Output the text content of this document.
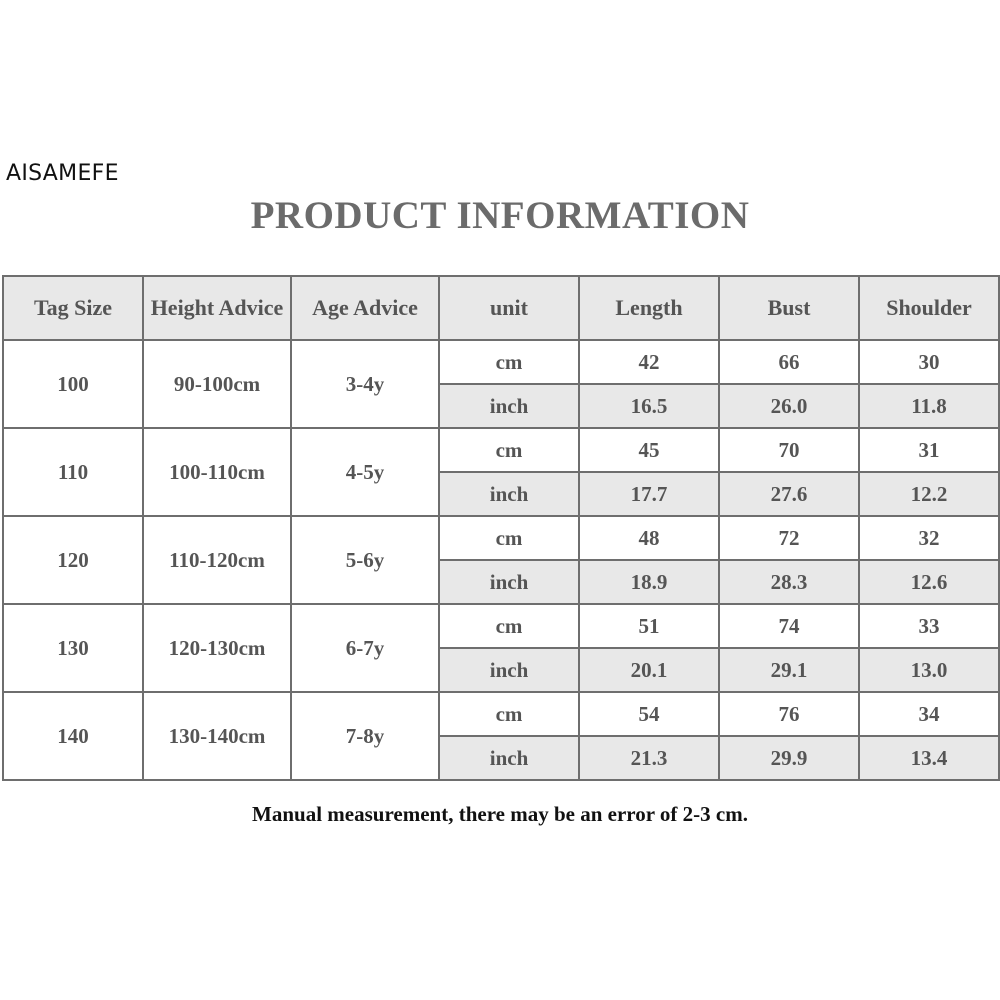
AISAMEFE
PRODUCT INFORMATION
Tag Size	Height Advice	Age Advice	unit	Length	Bust	Shoulder
100	90-100cm	3-4y	cm	42	66	30
			inch	16.5	26.0	11.8
110	100-110cm	4-5y	cm	45	70	31
			inch	17.7	27.6	12.2
120	110-120cm	5-6y	cm	48	72	32
			inch	18.9	28.3	12.6
130	120-130cm	6-7y	cm	51	74	33
			inch	20.1	29.1	13.0
140	130-140cm	7-8y	cm	54	76	34
			inch	21.3	29.9	13.4
Manual measurement, there may be an error of 2-3 cm.
